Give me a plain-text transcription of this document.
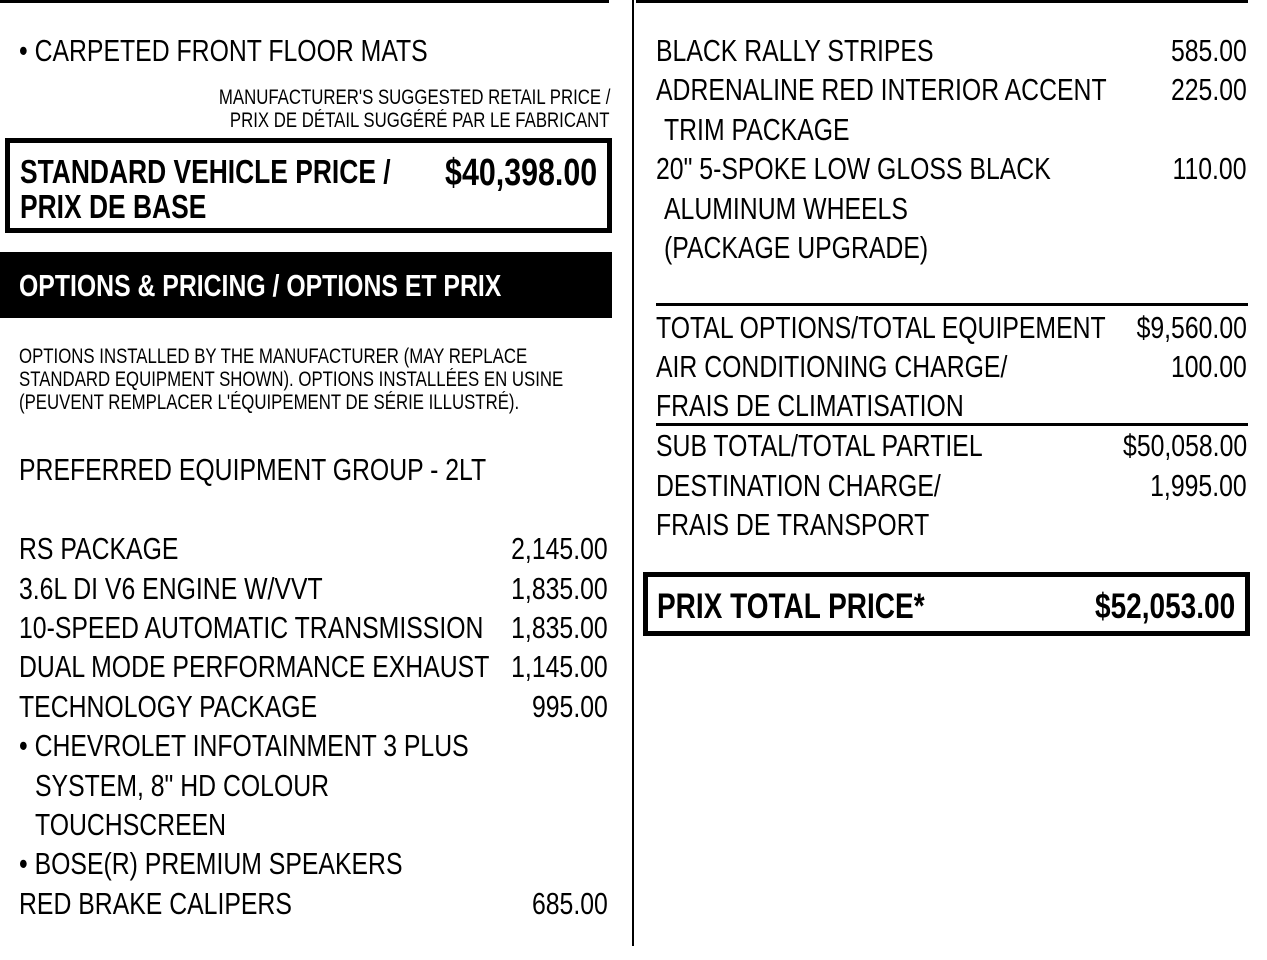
• CARPETED FRONT FLOOR MATS
MANUFACTURER'S SUGGESTED RETAIL PRICE /
PRIX DE DÉTAIL SUGGÉRÉ PAR LE FABRICANT
STANDARD VEHICLE PRICE /
PRIX DE BASE
$40,398.00
OPTIONS & PRICING / OPTIONS ET PRIX
OPTIONS INSTALLED BY THE MANUFACTURER (MAY REPLACE
STANDARD EQUIPMENT SHOWN). OPTIONS INSTALLÉES EN USINE
(PEUVENT REMPLACER L'ÉQUIPEMENT DE SÉRIE ILLUSTRÉ).
PREFERRED EQUIPMENT GROUP - 2LT
RS PACKAGE	2,145.00
3.6L DI V6 ENGINE W/VVT	1,835.00
10-SPEED AUTOMATIC TRANSMISSION 1,835.00
DUAL MODE PERFORMANCE EXHAUST 1,145.00
TECHNOLOGY PACKAGE	995.00
• CHEVROLET INFOTAINMENT 3 PLUS
SYSTEM, 8" HD COLOUR
TOUCHSCREEN
• BOSE(R) PREMIUM SPEAKERS
RED BRAKE CALIPERS	685.00
BLACK RALLY STRIPES	585.00
ADRENALINE RED INTERIOR ACCENT	225.00
TRIM PACKAGE
20" 5-SPOKE LOW GLOSS BLACK	110.00
ALUMINUM WHEELS
(PACKAGE UPGRADE)
TOTAL OPTIONS/TOTAL EQUIPEMENT $9,560.00
AIR CONDITIONING CHARGE/	100.00
FRAIS DE CLIMATISATION
SUB TOTAL/TOTAL PARTIEL	$50,058.00
DESTINATION CHARGE/	1,995.00
FRAIS DE TRANSPORT
PRIX TOTAL PRICE*	$52,053.00
